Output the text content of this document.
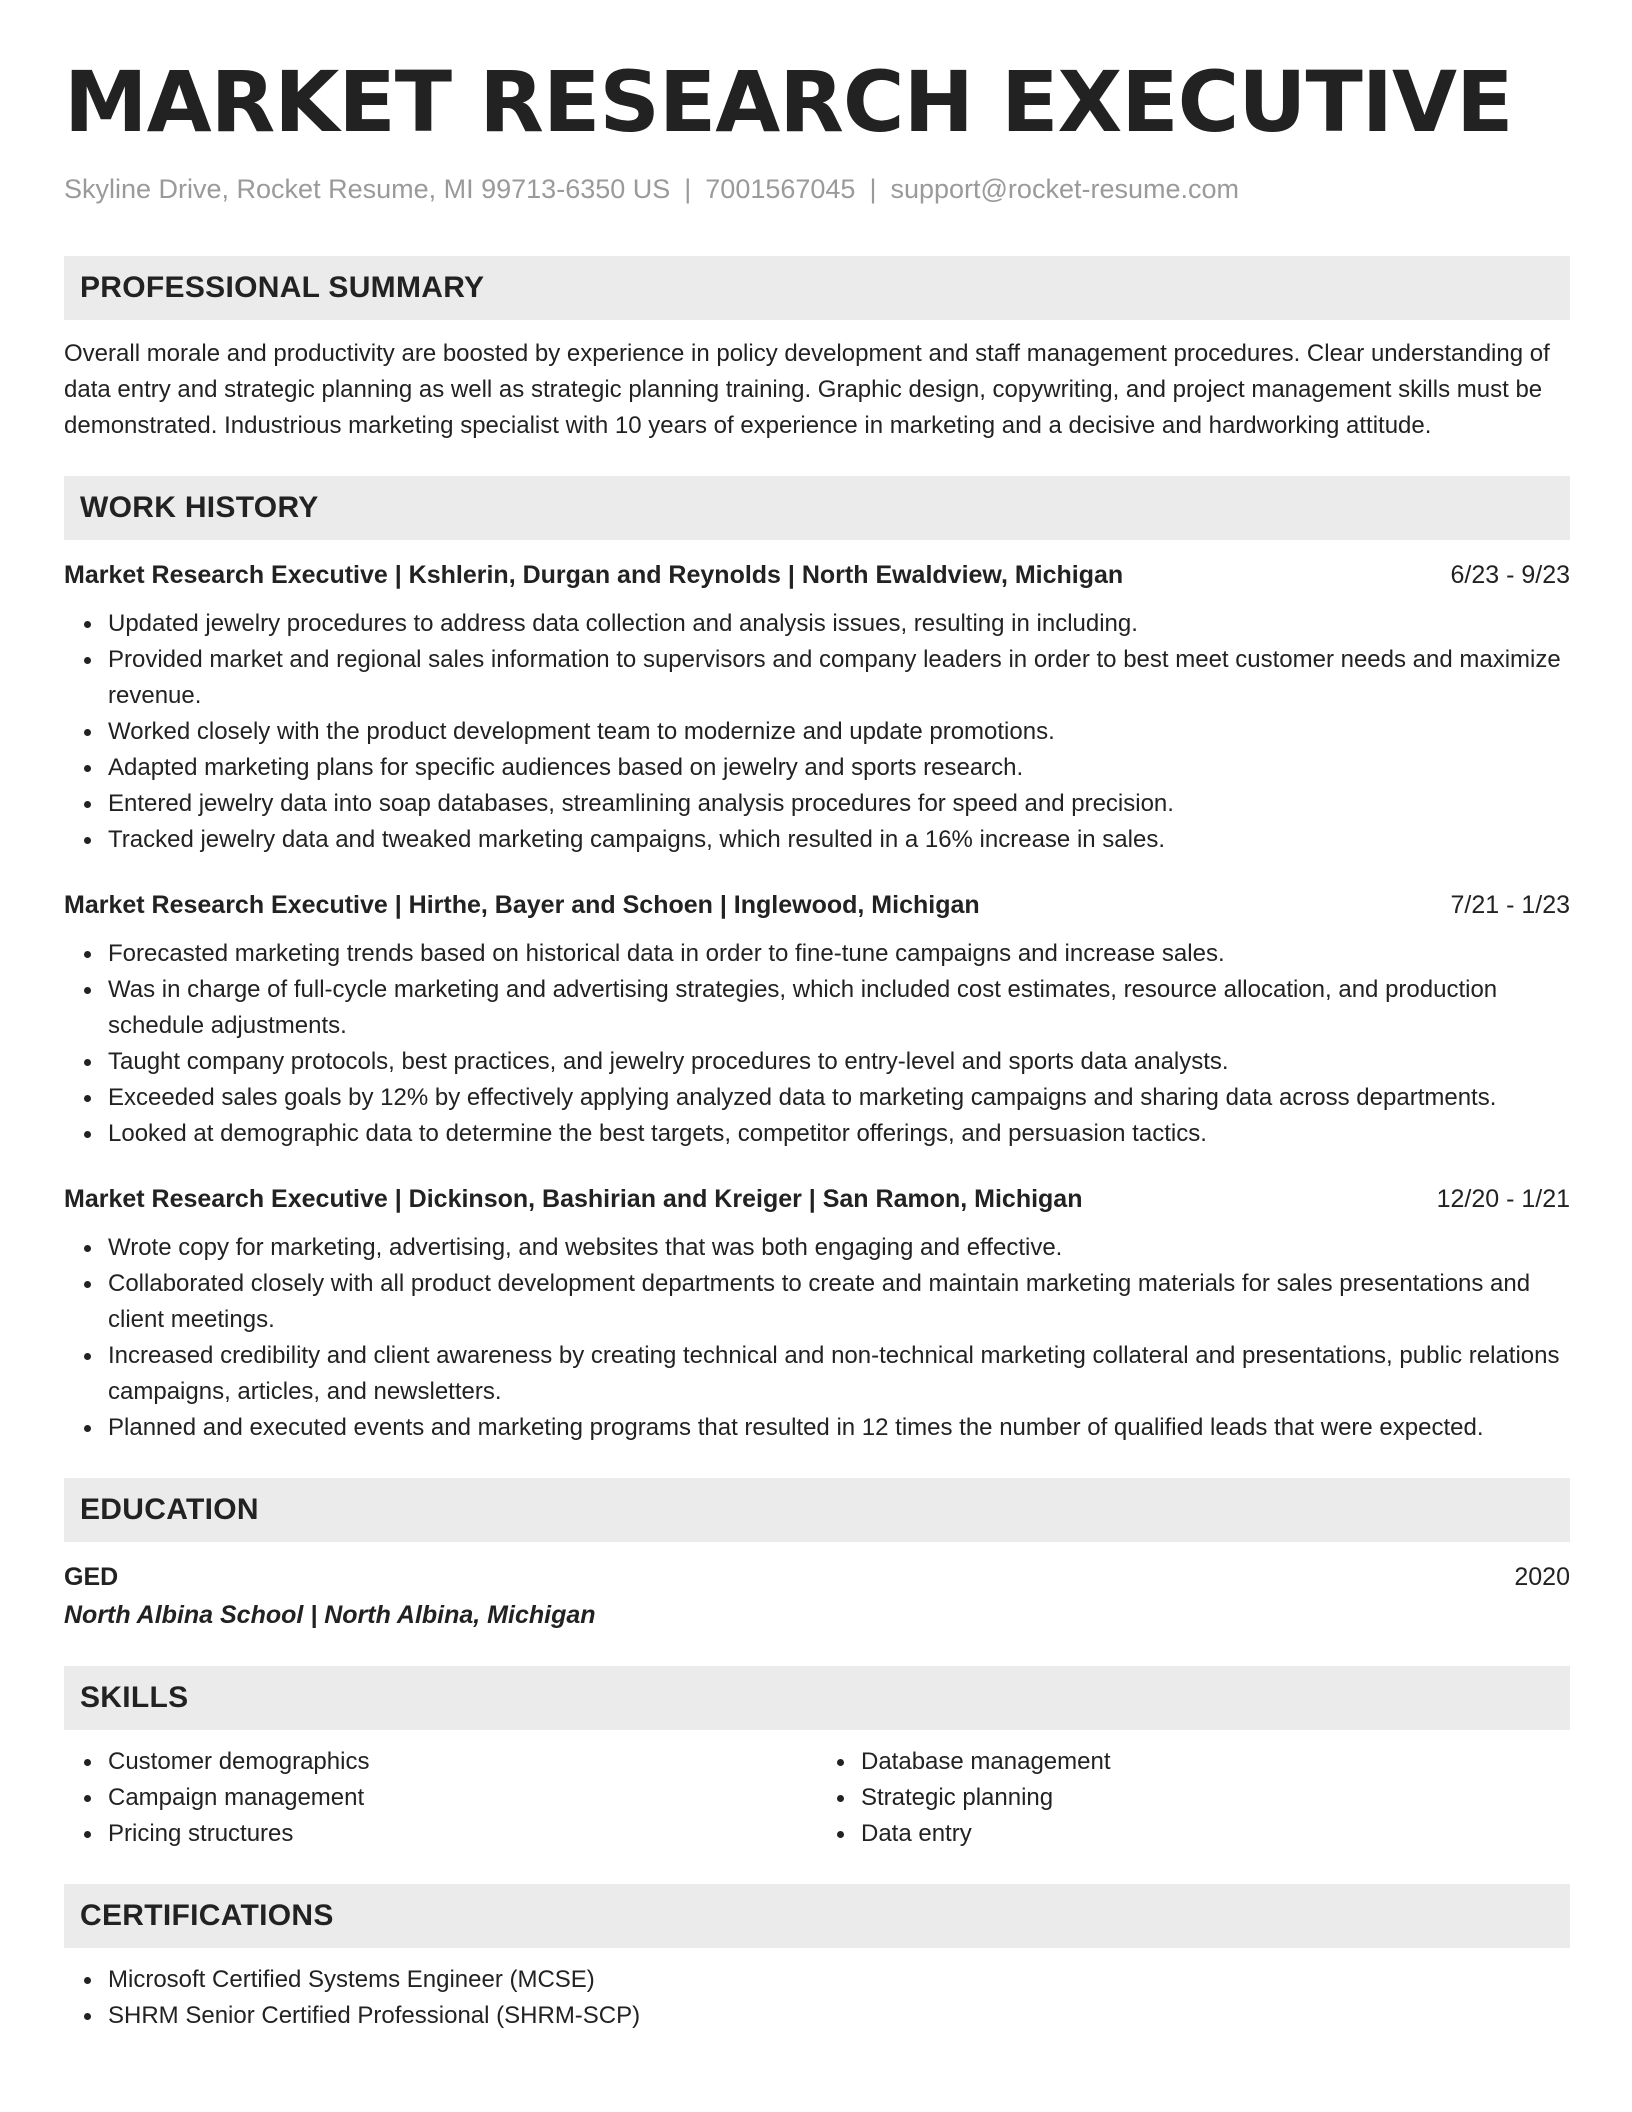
MARKET RESEARCH EXECUTIVE
Skyline Drive, Rocket Resume, MI 99713-6350 US | 7001567045 | support@rocket-resume.com
PROFESSIONAL SUMMARY
Overall morale and productivity are boosted by experience in policy development and staff management procedures. Clear understanding of data entry and strategic planning as well as strategic planning training. Graphic design, copywriting, and project management skills must be demonstrated. Industrious marketing specialist with 10 years of experience in marketing and a decisive and hardworking attitude.
WORK HISTORY
Market Research Executive | Kshlerin, Durgan and Reynolds | North Ewaldview, Michigan	6/23 - 9/23
Updated jewelry procedures to address data collection and analysis issues, resulting in including.
Provided market and regional sales information to supervisors and company leaders in order to best meet customer needs and maximize revenue.
Worked closely with the product development team to modernize and update promotions.
Adapted marketing plans for specific audiences based on jewelry and sports research.
Entered jewelry data into soap databases, streamlining analysis procedures for speed and precision.
Tracked jewelry data and tweaked marketing campaigns, which resulted in a 16% increase in sales.
Market Research Executive | Hirthe, Bayer and Schoen | Inglewood, Michigan	7/21 - 1/23
Forecasted marketing trends based on historical data in order to fine-tune campaigns and increase sales.
Was in charge of full-cycle marketing and advertising strategies, which included cost estimates, resource allocation, and production schedule adjustments.
Taught company protocols, best practices, and jewelry procedures to entry-level and sports data analysts.
Exceeded sales goals by 12% by effectively applying analyzed data to marketing campaigns and sharing data across departments.
Looked at demographic data to determine the best targets, competitor offerings, and persuasion tactics.
Market Research Executive | Dickinson, Bashirian and Kreiger | San Ramon, Michigan	12/20 - 1/21
Wrote copy for marketing, advertising, and websites that was both engaging and effective.
Collaborated closely with all product development departments to create and maintain marketing materials for sales presentations and client meetings.
Increased credibility and client awareness by creating technical and non-technical marketing collateral and presentations, public relations campaigns, articles, and newsletters.
Planned and executed events and marketing programs that resulted in 12 times the number of qualified leads that were expected.
EDUCATION
GED	2020
North Albina School | North Albina, Michigan
SKILLS
Customer demographics
Campaign management
Pricing structures
Database management
Strategic planning
Data entry
CERTIFICATIONS
Microsoft Certified Systems Engineer (MCSE)
SHRM Senior Certified Professional (SHRM-SCP)
